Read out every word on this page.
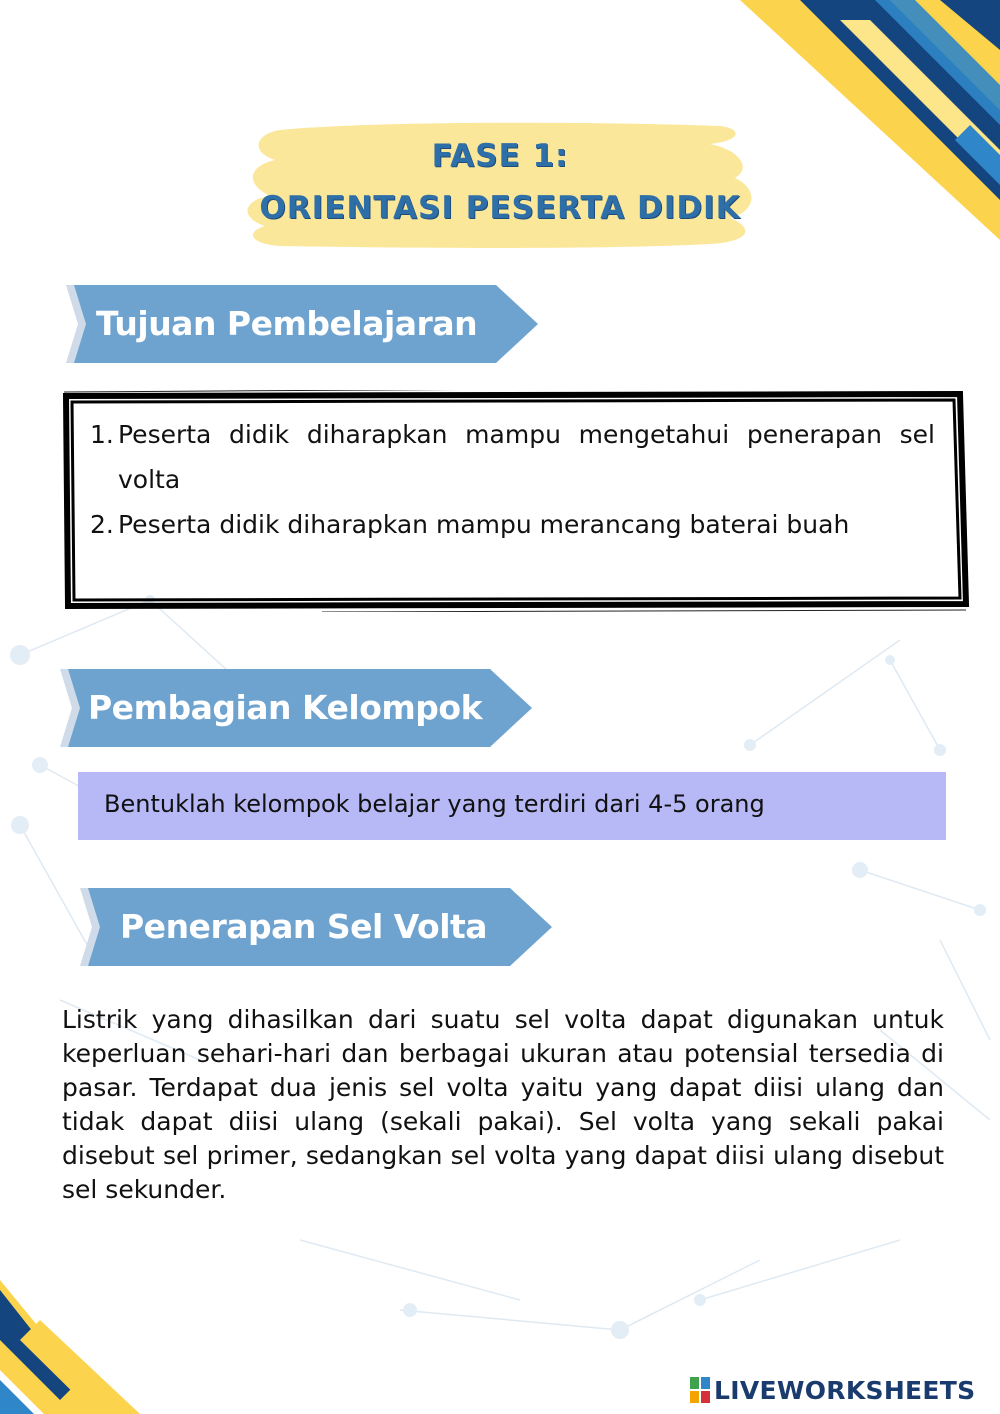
FASE 1:
ORIENTASI PESERTA DIDIK
Tujuan Pembelajaran
1. Peserta didik diharapkan mampu mengetahui penerapan sel volta
2. Peserta didik diharapkan mampu merancang baterai buah
Pembagian Kelompok
Bentuklah kelompok belajar yang terdiri dari 4-5 orang
Penerapan Sel Volta

Listrik yang dihasilkan dari suatu sel volta dapat digunakan untuk keperluan sehari-hari dan berbagai ukuran atau potensial tersedia di pasar. Terdapat dua jenis sel volta yaitu yang dapat diisi ulang dan tidak dapat diisi ulang (sekali pakai). Sel volta yang sekali pakai disebut sel primer, sedangkan sel volta yang dapat diisi ulang disebut sel sekunder.

LIVEWORKSHEETS
